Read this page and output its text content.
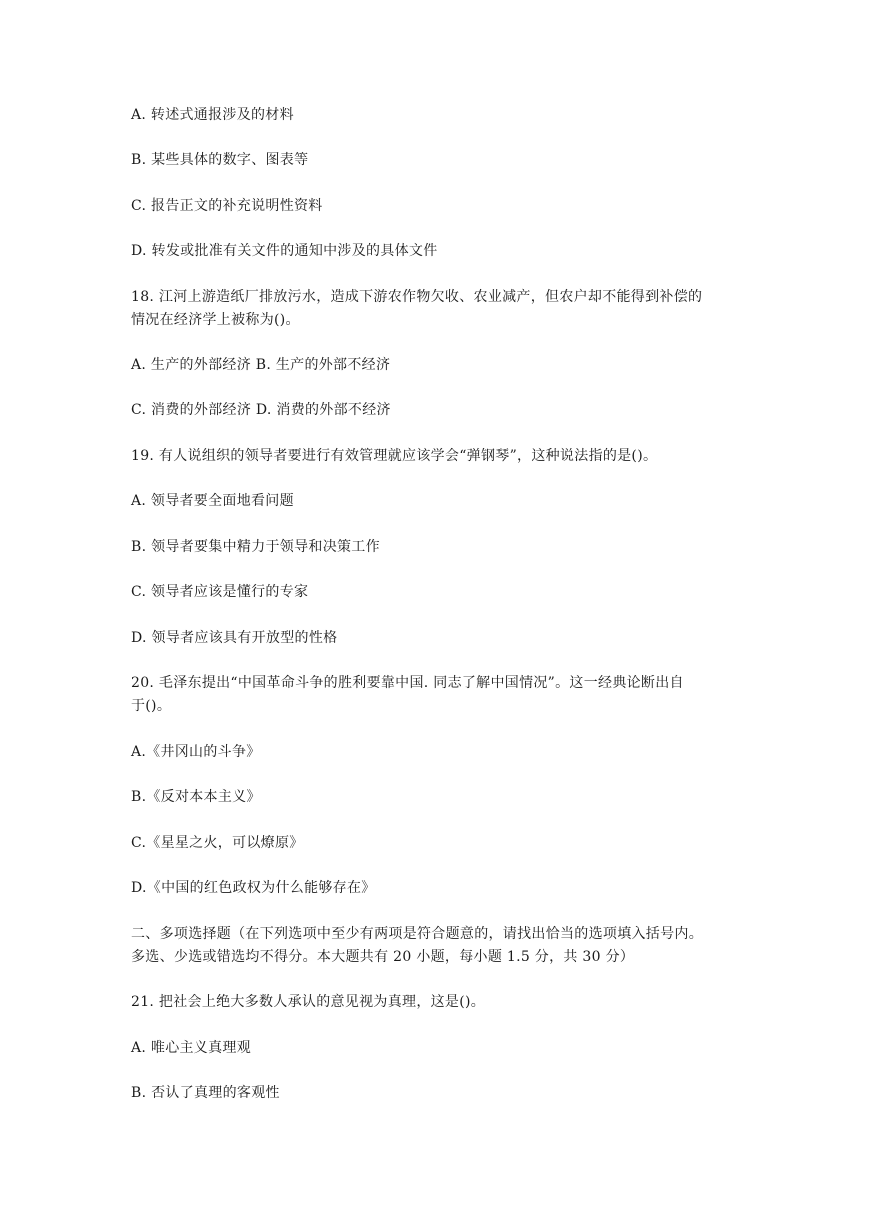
A. 转述式通报涉及的材料
B. 某些具体的数字、图表等
C. 报告正文的补充说明性资料
D. 转发或批准有关文件的通知中涉及的具体文件
18. 江河上游造纸厂排放污水，造成下游农作物欠收、农业减产，但农户却不能得到补偿的
情况在经济学上被称为()。
A. 生产的外部经济 B. 生产的外部不经济
C. 消费的外部经济 D. 消费的外部不经济
19. 有人说组织的领导者要进行有效管理就应该学会“弹钢琴”，这种说法指的是()。
A. 领导者要全面地看问题
B. 领导者要集中精力于领导和决策工作
C. 领导者应该是懂行的专家
D. 领导者应该具有开放型的性格
20. 毛泽东提出“中国革命斗争的胜利要靠中国. 同志了解中国情况”。这一经典论断出自
于()。
A.《井冈山的斗争》
B.《反对本本主义》
C.《星星之火，可以燎原》
D.《中国的红色政权为什么能够存在》
二、多项选择题（在下列选项中至少有两项是符合题意的，请找出恰当的选项填入括号内。
多选、少选或错选均不得分。本大题共有 20 小题，每小题 1.5 分，共 30 分）
21. 把社会上绝大多数人承认的意见视为真理，这是()。
A. 唯心主义真理观
B. 否认了真理的客观性
